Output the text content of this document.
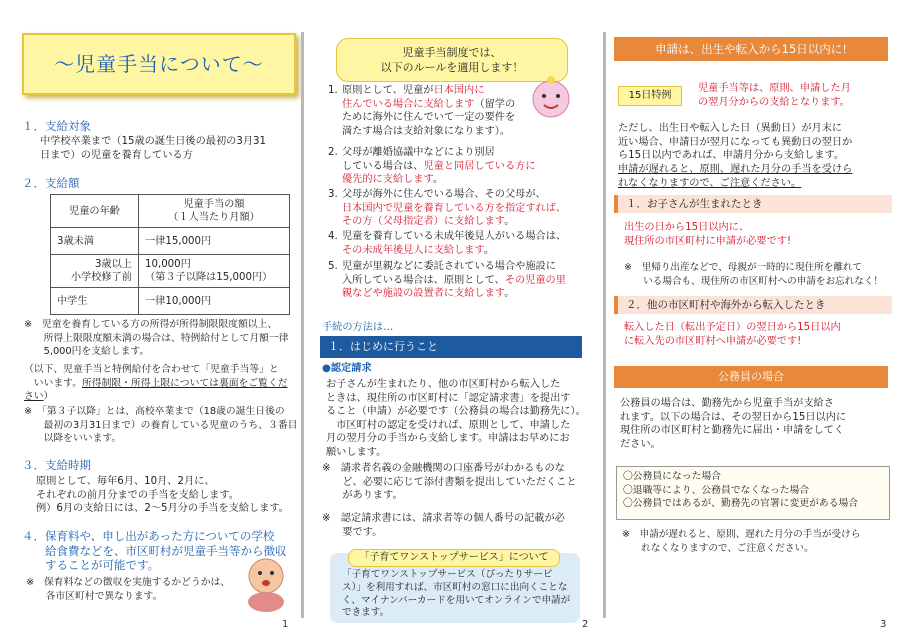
～児童手当について～
１．支給対象
中学校卒業まで（15歳の誕生日後の最初の3月31
日まで）の児童を養育している方
２．支給額
児童の年齢	児童手当の額
（１人当たり月額）
3歳未満	一律15,000円
3歳以上
小学校修了前	10,000円
（第３子以降は15,000円）
中学生	一律10,000円
※　児童を養育している方の所得が所得制限限度額以上、
　　所得上限限度額未満の場合は、特例給付として月額一律
　　5,000円を支給します。
（以下、児童手当と特例給付を合わせて「児童手当等」と
　いいます。所得制限・所得上限については裏面をご覧くだ
さい）
※　「第３子以降」とは、高校卒業まで（18歳の誕生日後の
　　最初の3月31日まで）の養育している児童のうち、３番目
　　以降をいいます。
３．支給時期
原則として、毎年6月、10月、2月に、
それぞれの前月分までの手当を支給します。
例）6月の支給日には、2～5月分の手当を支給します。
４．保育料や、申し出があった方についての学校
　　給食費などを、市区町村が児童手当等から徴収
　　することが可能です。
※　保育料などの徴収を実施するかどうかは、
　　各市区町村で異なります。
1
児童手当制度では、
以下のルールを適用します！
1. 原則として、児童が日本国内に
住んでいる場合に支給します（留学の
ために海外に住んでいて一定の要件を
満たす場合は支給対象になります）。
2. 父母が離婚協議中などにより別居
している場合は、児童と同居している方に
優先的に支給します。
3. 父母が海外に住んでいる場合、その父母が、
日本国内で児童を養育している方を指定すれば、
その方（父母指定者）に支給します。
4. 児童を養育している未成年後見人がいる場合は、
その未成年後見人に支給します。
5. 児童が里親などに委託されている場合や施設に
入所している場合は、原則として、その児童の里
親などや施設の設置者に支給します。
手続の方法は…
１．はじめに行うこと
●認定請求
お子さんが生まれたり、他の市区町村から転入した
ときは、現住所の市区町村に「認定請求書」を提出す
ること（申請）が必要です（公務員の場合は勤務先に）。
　市区町村の認定を受ければ、原則として、申請した
月の翌月分の手当から支給します。申請はお早めにお
願いします。
※　請求者名義の金融機関の口座番号がわかるものな
　　ど、必要に応じて添付書類を提出していただくこと
　　があります。
※　認定請求書には、請求者等の個人番号の記載が必
　　要です。
「子育てワンストップサービス」について
「子育てワンストップサービス（ぴったりサービ
ス）」を利用すれば、市区町村の窓口に出向くことな
く、マイナンバーカードを用いてオンラインで申請が
できます。
2
申請は、出生や転入から15日以内に!
15日特例
児童手当等は、原則、申請した月
の翌月分からの支給となります。
ただし、出生日や転入した日（異動日）が月末に
近い場合、申請日が翌月になっても異動日の翌日か
ら15日以内であれば、申請月分から支給します。
申請が遅れると、原則、遅れた月分の手当を受けら
れなくなりますので、ご注意ください。
１．お子さんが生まれたとき
出生の日から15日以内に、
現住所の市区町村に申請が必要です!
※　里帰り出産などで、母親が一時的に現住所を離れて
　　いる場合も、現住所の市区町村への申請をお忘れなく！
２．他の市区町村や海外から転入したとき
転入した日（転出予定日）の翌日から15日以内
に転入先の市区町村へ申請が必要です!
公務員の場合
公務員の場合は、勤務先から児童手当が支給さ
れます。以下の場合は、その翌日から15日以内に
現住所の市区町村と勤務先に届出・申請をしてく
ださい。
〇公務員になった場合
〇退職等により、公務員でなくなった場合
〇公務員ではあるが、勤務先の官署に変更がある場合
※　申請が遅れると、原則、遅れた月分の手当が受けら
　　れなくなりますので、ご注意ください。
3
